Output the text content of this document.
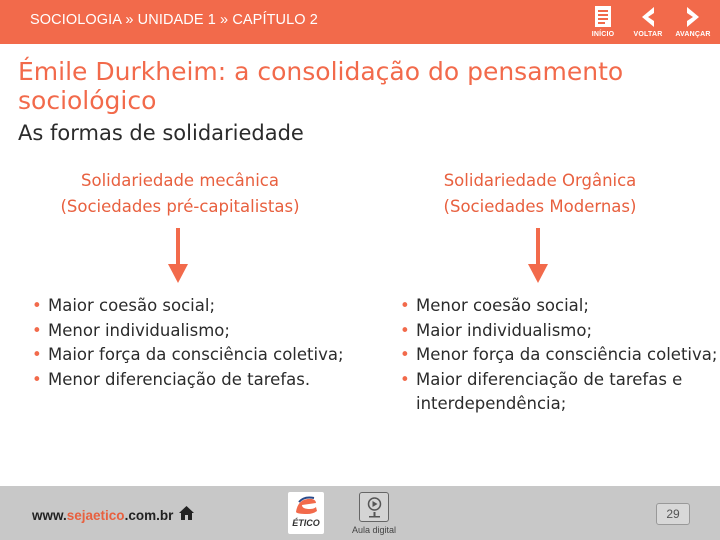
SOCIOLOGIA » UNIDADE 1 » CAPÍTULO 2
INÍCIO	VOLTAR	AVANÇAR
Émile Durkheim: a consolidação do pensamento sociológico
As formas de solidariedade
Solidariedade mecânica
(Sociedades pré-capitalistas)
• Maior coesão social;
• Menor individualismo;
• Maior força da consciência coletiva;
• Menor diferenciação de tarefas.
Solidariedade Orgânica
(Sociedades Modernas)
• Menor coesão social;
• Maior individualismo;
• Menor força da consciência coletiva;
• Maior diferenciação de tarefas e interdependência;
www.sejaetico.com.br	ÉTICO
Aula digital
29
